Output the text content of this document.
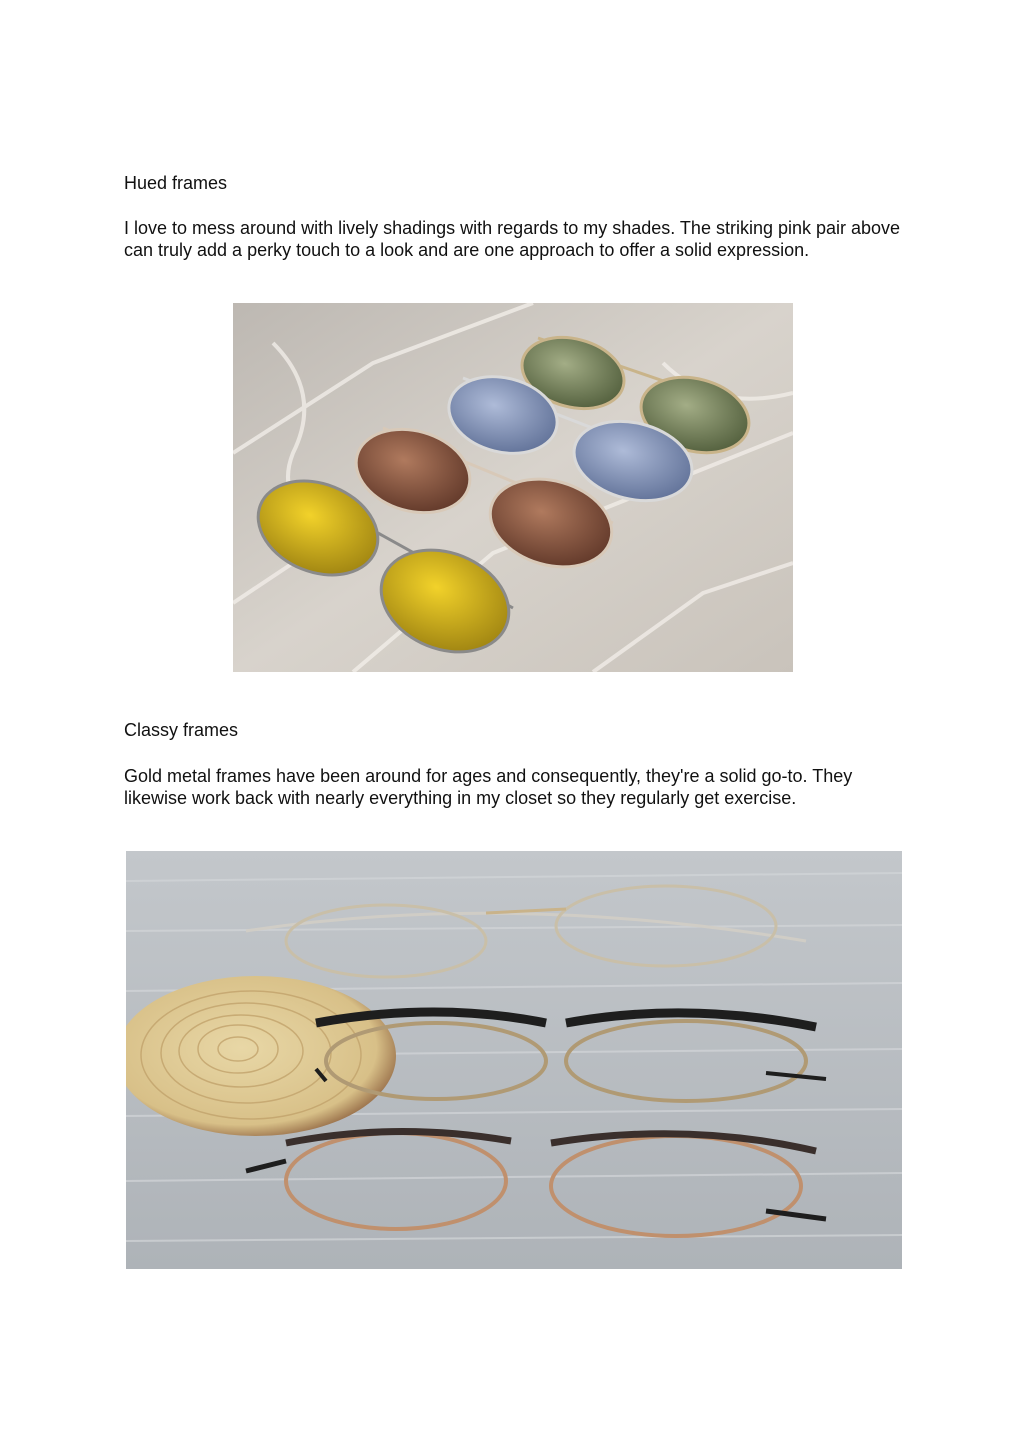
Hued frames

I love to mess around with lively shadings with regards to my shades. The striking pink pair above can truly add a perky touch to a look and are one approach to offer a solid expression.

Classy frames

Gold metal frames have been around for ages and consequently, they're a solid go-to. They likewise work back with nearly everything in my closet so they regularly get exercise.
